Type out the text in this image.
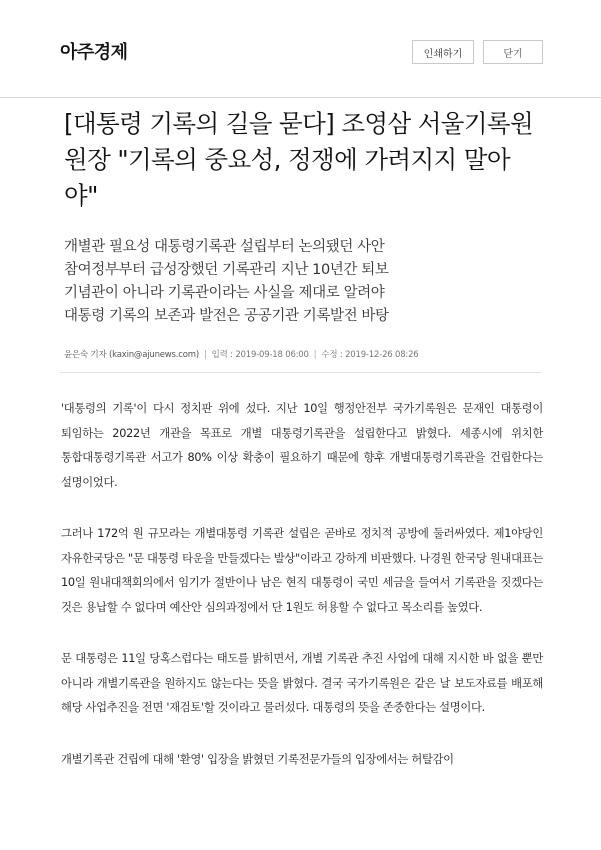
아주경제	인쇄하기	닫기
[대통령 기록의 길을 묻다] 조영삼 서울기록원 원장 "기록의 중요성, 정쟁에 가려지지 말아야"
개별관 필요성 대통령기록관 설립부터 논의됐던 사안
참여정부부터 급성장했던 기록관리 지난 10년간 퇴보
기념관이 아니라 기록관이라는 사실을 제대로 알려야
대통령 기록의 보존과 발전은 공공기관 기록발전 바탕
윤은숙 기자 (kaxin@ajunews.com) | 입력 : 2019-09-18 06:00 | 수정 : 2019-12-26 08:26

'대통령의 기록'이 다시 정치판 위에 섰다. 지난 10일 행정안전부 국가기록원은 문재인 대통령이 퇴임하는 2022년 개관을 목표로 개별 대통령기록관을 설립한다고 밝혔다. 세종시에 위치한 통합대통령기록관 서고가 80% 이상 확충이 필요하기 때문에 향후 개별대통령기록관을 건립한다는 설명이었다.

그러나 172억 원 규모라는 개별대통령 기록관 설립은 곧바로 정치적 공방에 둘러싸였다. 제1야당인 자유한국당은 "문 대통령 타운을 만들겠다는 발상"이라고 강하게 비판했다. 나경원 한국당 원내대표는 10일 원내대책회의에서 임기가 절반이나 남은 현직 대통령이 국민 세금을 들여서 기록관을 짓겠다는 것은 용납할 수 없다며 예산안 심의과정에서 단 1원도 허용할 수 없다고 목소리를 높였다.

문 대통령은 11일 당혹스럽다는 태도를 밝히면서, 개별 기록관 추진 사업에 대해 지시한 바 없을 뿐만 아니라 개별기록관을 원하지도 않는다는 뜻을 밝혔다. 결국 국가기록원은 같은 날 보도자료를 배포해 해당 사업추진을 전면 '재검토'할 것이라고 물러섰다. 대통령의 뜻을 존중한다는 설명이다.

개별기록관 건립에 대해 '환영' 입장을 밝혔던 기록전문가들의 입장에서는 허탈감이
